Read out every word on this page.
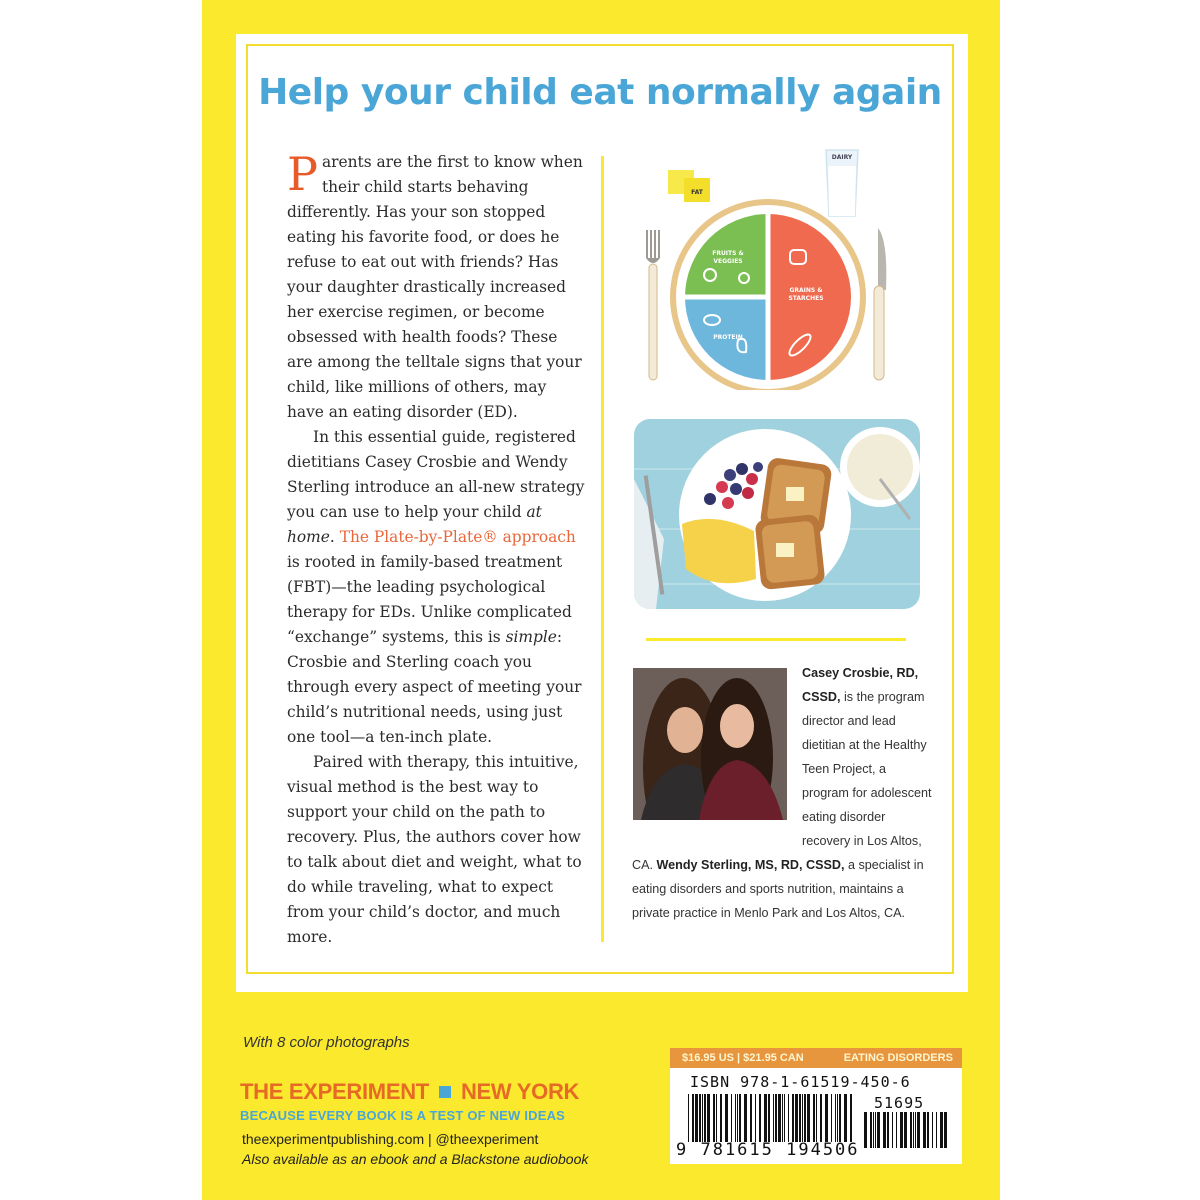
Help your child eat normally again

Parents are the first to know when their child starts behaving differently. Has your son stopped eating his favorite food, or does he refuse to eat out with friends? Has your daughter drastically increased her exercise regimen, or become obsessed with health foods? These are among the telltale signs that your child, like millions of others, may have an eating disorder (ED).

In this essential guide, registered dietitians Casey Crosbie and Wendy Sterling introduce an all-new strategy you can use to help your child at home. The Plate-by-Plate® approach is rooted in family-based treatment (FBT)—the leading psychological therapy for EDs. Unlike complicated “exchange” systems, this is simple: Crosbie and Sterling coach you through every aspect of meeting your child’s nutritional needs, using just one tool—a ten-inch plate.

Paired with therapy, this intuitive, visual method is the best way to support your child on the path to recovery. Plus, the authors cover how to talk about diet and weight, what to do while traveling, what to expect from your child’s doctor, and much more.

FAT
DAIRY
FRUITS &
VEGGIES
GRAINS &
STARCHES
PROTEIN
Casey Crosbie, RD, CSSD, is the program director and lead dietitian at the Healthy Teen Project, a program for adolescent eating disorder recovery in Los Altos, CA. Wendy Sterling, MS, RD, CSSD, a specialist in eating disorders and sports nutrition, maintains a private practice in Menlo Park and Los Altos, CA.
With 8 color photographs
THE EXPERIMENT NEW YORK
BECAUSE EVERY BOOK IS A TEST OF NEW IDEAS
theexperimentpublishing.com | @theexperiment
Also available as an ebook and a Blackstone audiobook
$16.95 US | $21.95 CAN	EATING DISORDERS
ISBN 978-1-61519-450-6
51695
9 781615 194506
